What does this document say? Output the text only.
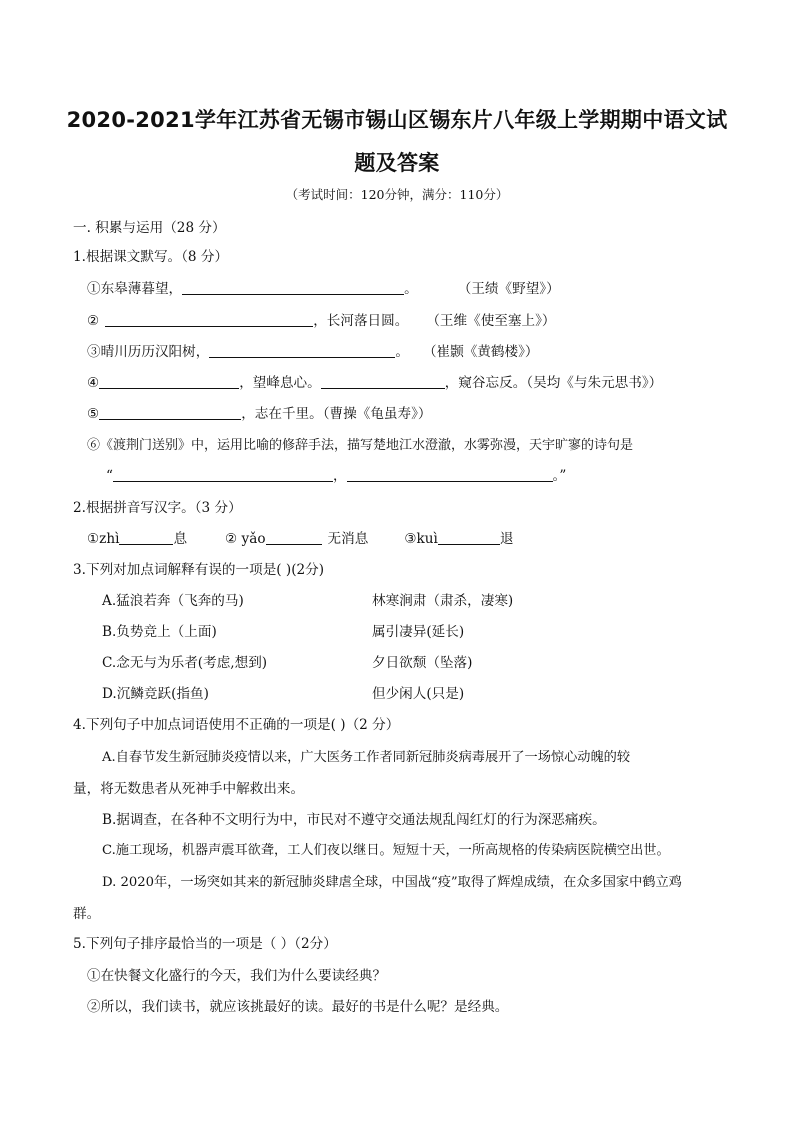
2020-2021学年江苏省无锡市锡山区锡东片八年级上学期期中语文试
题及答案
（考试时间：120分钟，满分：110分）
一. 积累与运用（28 分）
1.根据课文默写。（8 分）
①东皋薄暮望，	。	（王绩《野望》）
②	，长河落日圆。 （王维《使至塞上》）
③晴川历历汉阳树，	。 （崔颢《黄鹤楼》）
④	，望峰息心。	，窥谷忘反。（吴均《与朱元思书》）
⑤	，志在千里。（曹操《龟虽寿》）
⑥《渡荆门送别》中，运用比喻的修辞手法，描写楚地江水澄澈，水雾弥漫，天宇旷寥的诗句是
“	，	。”
2.根据拼音写汉字。（3 分）
①zhì	息	② yǎo	无消息	③kuì	退
3.下列对加点词解释有误的一项是( )(2分)
A.猛浪若奔（飞奔的马)	林寒涧肃（肃杀，凄寒)
B.负势竞上（上面)	属引凄异(延长)
C.念无与为乐者(考虑,想到)	夕日欲颓（坠落)
D.沉鳞竞跃(指鱼)	但少闲人(只是)
4.下列句子中加点词语使用不正确的一项是( )（2 分）
A.自春节发生新冠肺炎疫情以来，广大医务工作者同新冠肺炎病毒展开了一场惊心动魄的较
量，将无数患者从死神手中解救出来。
B.据调查，在各种不文明行为中，市民对不遵守交通法规乱闯红灯的行为深恶痛疾。
C.施工现场，机器声震耳欲聋，工人们夜以继日。短短十天，一所高规格的传染病医院横空出世。
D. 2020年，一场突如其来的新冠肺炎肆虐全球，中国战“疫”取得了辉煌成绩，在众多国家中鹤立鸡
群。
5.下列句子排序最恰当的一项是（ ）（2分）
①在快餐文化盛行的今天，我们为什么要读经典？
②所以，我们读书，就应该挑最好的读。最好的书是什么呢？是经典。
